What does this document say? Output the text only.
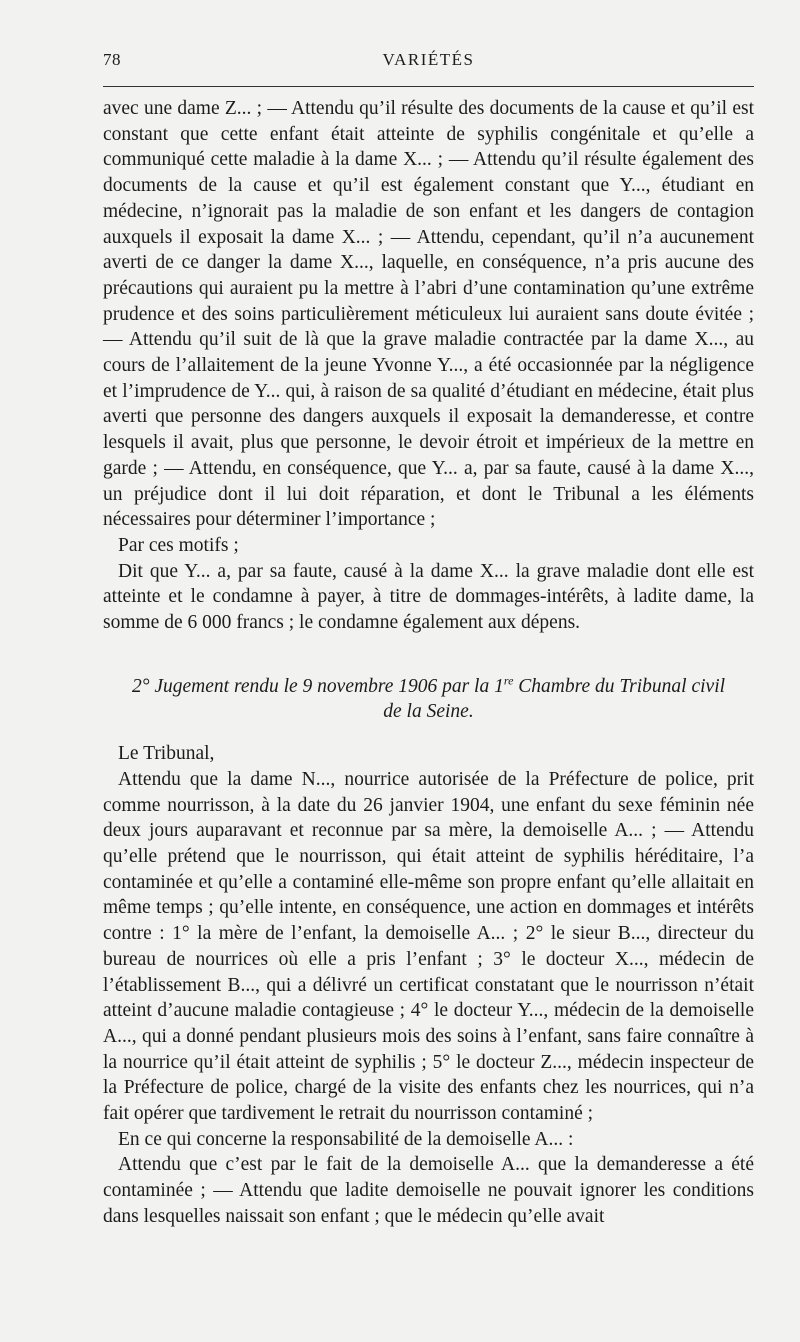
78	VARIÉTÉS

avec une dame Z... ; — Attendu qu’il résulte des documents de la cause et qu’il est constant que cette enfant était atteinte de syphilis congénitale et qu’elle a communiqué cette maladie à la dame X... ; — Attendu qu’il résulte également des documents de la cause et qu’il est également constant que Y..., étudiant en médecine, n’ignorait pas la maladie de son enfant et les dangers de contagion auxquels il exposait la dame X... ; — Attendu, cependant, qu’il n’a aucunement averti de ce danger la dame X..., laquelle, en conséquence, n’a pris aucune des précautions qui auraient pu la mettre à l’abri d’une contamination qu’une extrême prudence et des soins particulièrement méticuleux lui auraient sans doute évitée ; — Attendu qu’il suit de là que la grave maladie contractée par la dame X..., au cours de l’allaitement de la jeune Yvonne Y..., a été occasionnée par la négligence et l’imprudence de Y... qui, à raison de sa qualité d’étudiant en médecine, était plus averti que personne des dangers auxquels il exposait la demanderesse, et contre lesquels il avait, plus que personne, le devoir étroit et impérieux de la mettre en garde ; — Attendu, en conséquence, que Y... a, par sa faute, causé à la dame X..., un préjudice dont il lui doit réparation, et dont le Tribunal a les éléments nécessaires pour déterminer l’importance ;

Par ces motifs ;

Dit que Y... a, par sa faute, causé à la dame X... la grave maladie dont elle est atteinte et le condamne à payer, à titre de dommages-intérêts, à ladite dame, la somme de 6 000 francs ; le condamne également aux dépens.

2° Jugement rendu le 9 novembre 1906 par la 1re Chambre du Tribunal civil
de la Seine.

Le Tribunal,

Attendu que la dame N..., nourrice autorisée de la Préfecture de police, prit comme nourrisson, à la date du 26 janvier 1904, une enfant du sexe féminin née deux jours auparavant et reconnue par sa mère, la demoiselle A... ; — Attendu qu’elle prétend que le nourrisson, qui était atteint de syphilis héréditaire, l’a contaminée et qu’elle a contaminé elle-même son propre enfant qu’elle allaitait en même temps ; qu’elle intente, en conséquence, une action en dommages et intérêts contre : 1° la mère de l’enfant, la demoiselle A... ; 2° le sieur B..., directeur du bureau de nourrices où elle a pris l’enfant ; 3° le docteur X..., médecin de l’établissement B..., qui a délivré un certificat constatant que le nourrisson n’était atteint d’aucune maladie contagieuse ; 4° le docteur Y..., médecin de la demoiselle A..., qui a donné pendant plusieurs mois des soins à l’enfant, sans faire connaître à la nourrice qu’il était atteint de syphilis ; 5° le docteur Z..., médecin inspecteur de la Préfecture de police, chargé de la visite des enfants chez les nourrices, qui n’a fait opérer que tardivement le retrait du nourrisson contaminé ;

En ce qui concerne la responsabilité de la demoiselle A... :

Attendu que c’est par le fait de la demoiselle A... que la demanderesse a été contaminée ; — Attendu que ladite demoiselle ne pouvait ignorer les conditions dans lesquelles naissait son enfant ; que le médecin qu’elle avait
